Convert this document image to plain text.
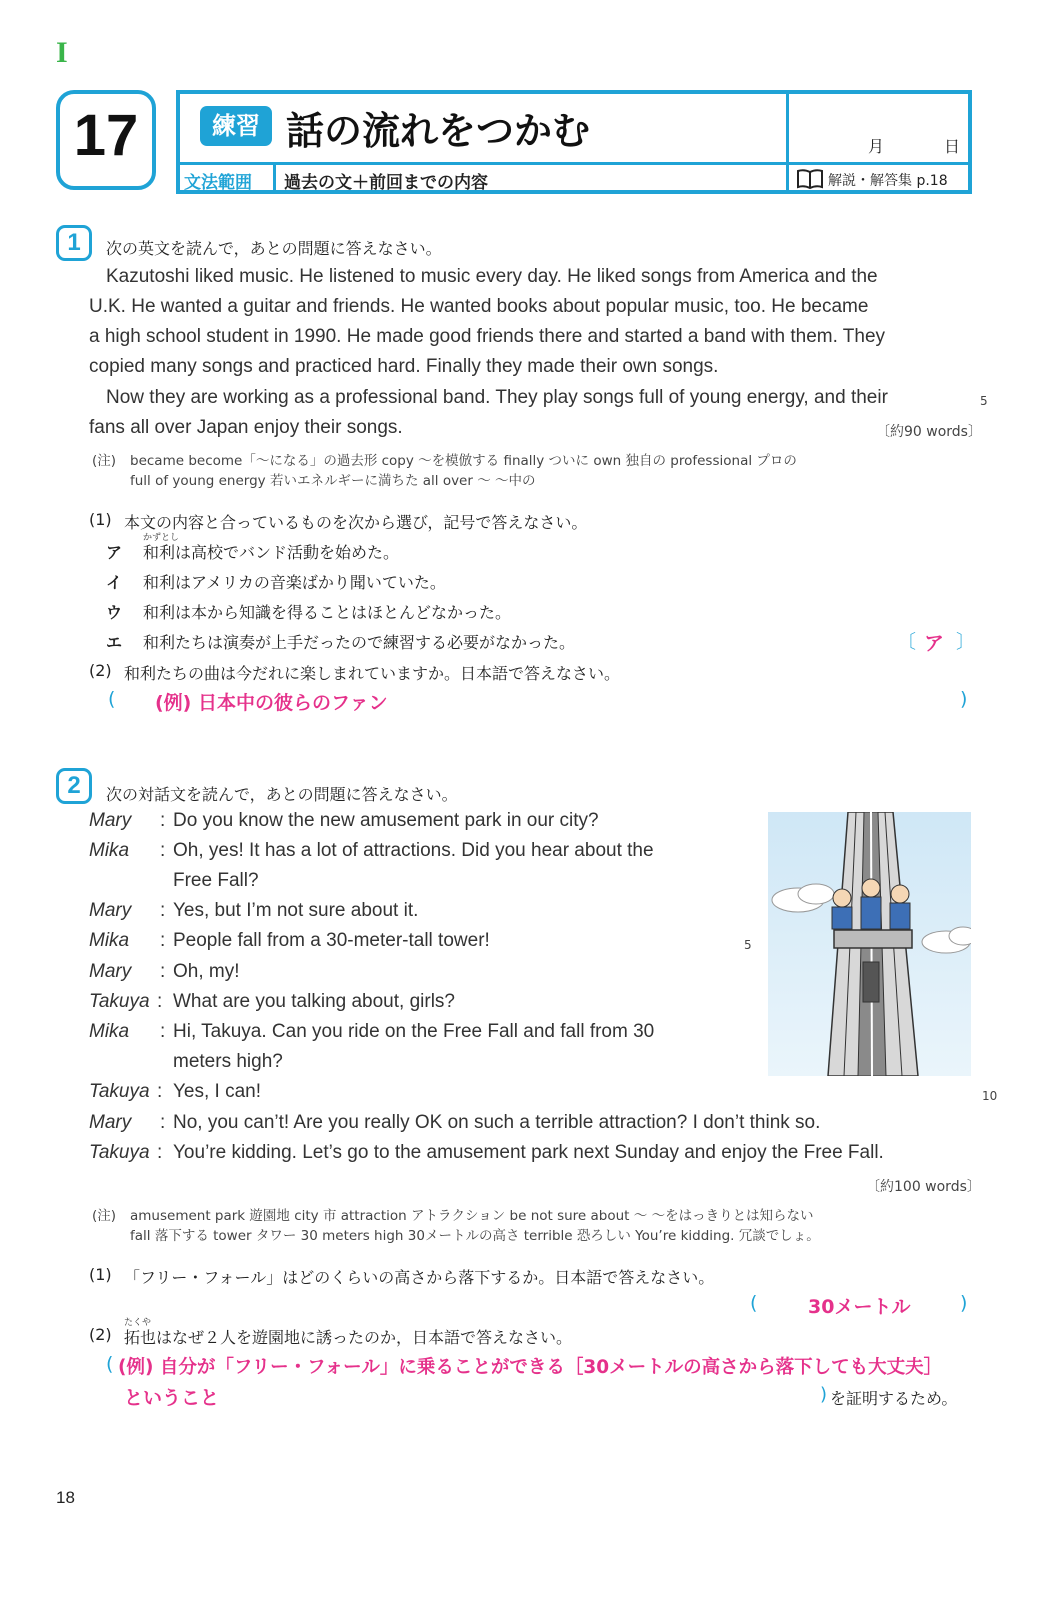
I
17	練習 話の流れをつかむ	月	日
文法範囲 過去の文＋前回までの内容	解説・解答集 p.18
1	次の英文を読んで，あとの問題に答えなさい。
Kazutoshi liked music. He listened to music every day. He liked songs from America and the
U.K. He wanted a guitar and friends. He wanted books about popular music, too. He became
a high school student in 1990. He made good friends there and started a band with them. They
copied many songs and practiced hard. Finally they made their own songs.
Now they are working as a professional band. They play songs full of young energy, and their
fans all over Japan enjoy their songs.
5
〔約90 words〕
(注) became become「～になる」の過去形 copy ～を模倣する finally ついに own 独自の professional プロの
full of young energy 若いエネルギーに満ちた all over ～ ～中の
(1) 本文の内容と合っているものを次から選び，記号で答えなさい。
かずとし
ア 和利は高校でバンド活動を始めた。
イ 和利はアメリカの音楽ばかり聞いていた。
ウ 和利は本から知識を得ることはほとんどなかった。
エ 和利たちは演奏が上手だったので練習する必要がなかった。	〔 ア 〕
(2) 和利たちの曲は今だれに楽しまれていますか。日本語で答えなさい。
( (例) 日本中の彼らのファン	)
2	次の対話文を読んで，あとの問題に答えなさい。
Mary : Do you know the new amusement park in our city?
Mika : Oh, yes! It has a lot of attractions. Did you hear about the
Free Fall?
Mary : Yes, but I’m not sure about it.
Mika : People fall from a 30-meter-tall tower!
Mary : Oh, my!
Takuya : What are you talking about, girls?
Mika : Hi, Takuya. Can you ride on the Free Fall and fall from 30
meters high?
Takuya : Yes, I can!
Mary : No, you can’t! Are you really OK on such a terrible attraction? I don’t think so.
Takuya : You’re kidding. Let’s go to the amusement park next Sunday and enjoy the Free Fall.
5
10
〔約100 words〕
(注) amusement park 遊園地 city 市 attraction アトラクション be not sure about ～ ～をはっきりとは知らない
fall 落下する tower タワー 30 meters high 30メートルの高さ terrible 恐ろしい You’re kidding. 冗談でしょ。
(1) 「フリー・フォール」はどのくらいの高さから落下するか。日本語で答えなさい。
(	30メートル	)
たくや
(2) 拓也はなぜ２人を遊園地に誘ったのか，日本語で答えなさい。
( (例) 自分が「フリー・フォール」に乗ることができる［30メートルの高さから落下しても大丈夫］
ということ	) を証明するため。
18
